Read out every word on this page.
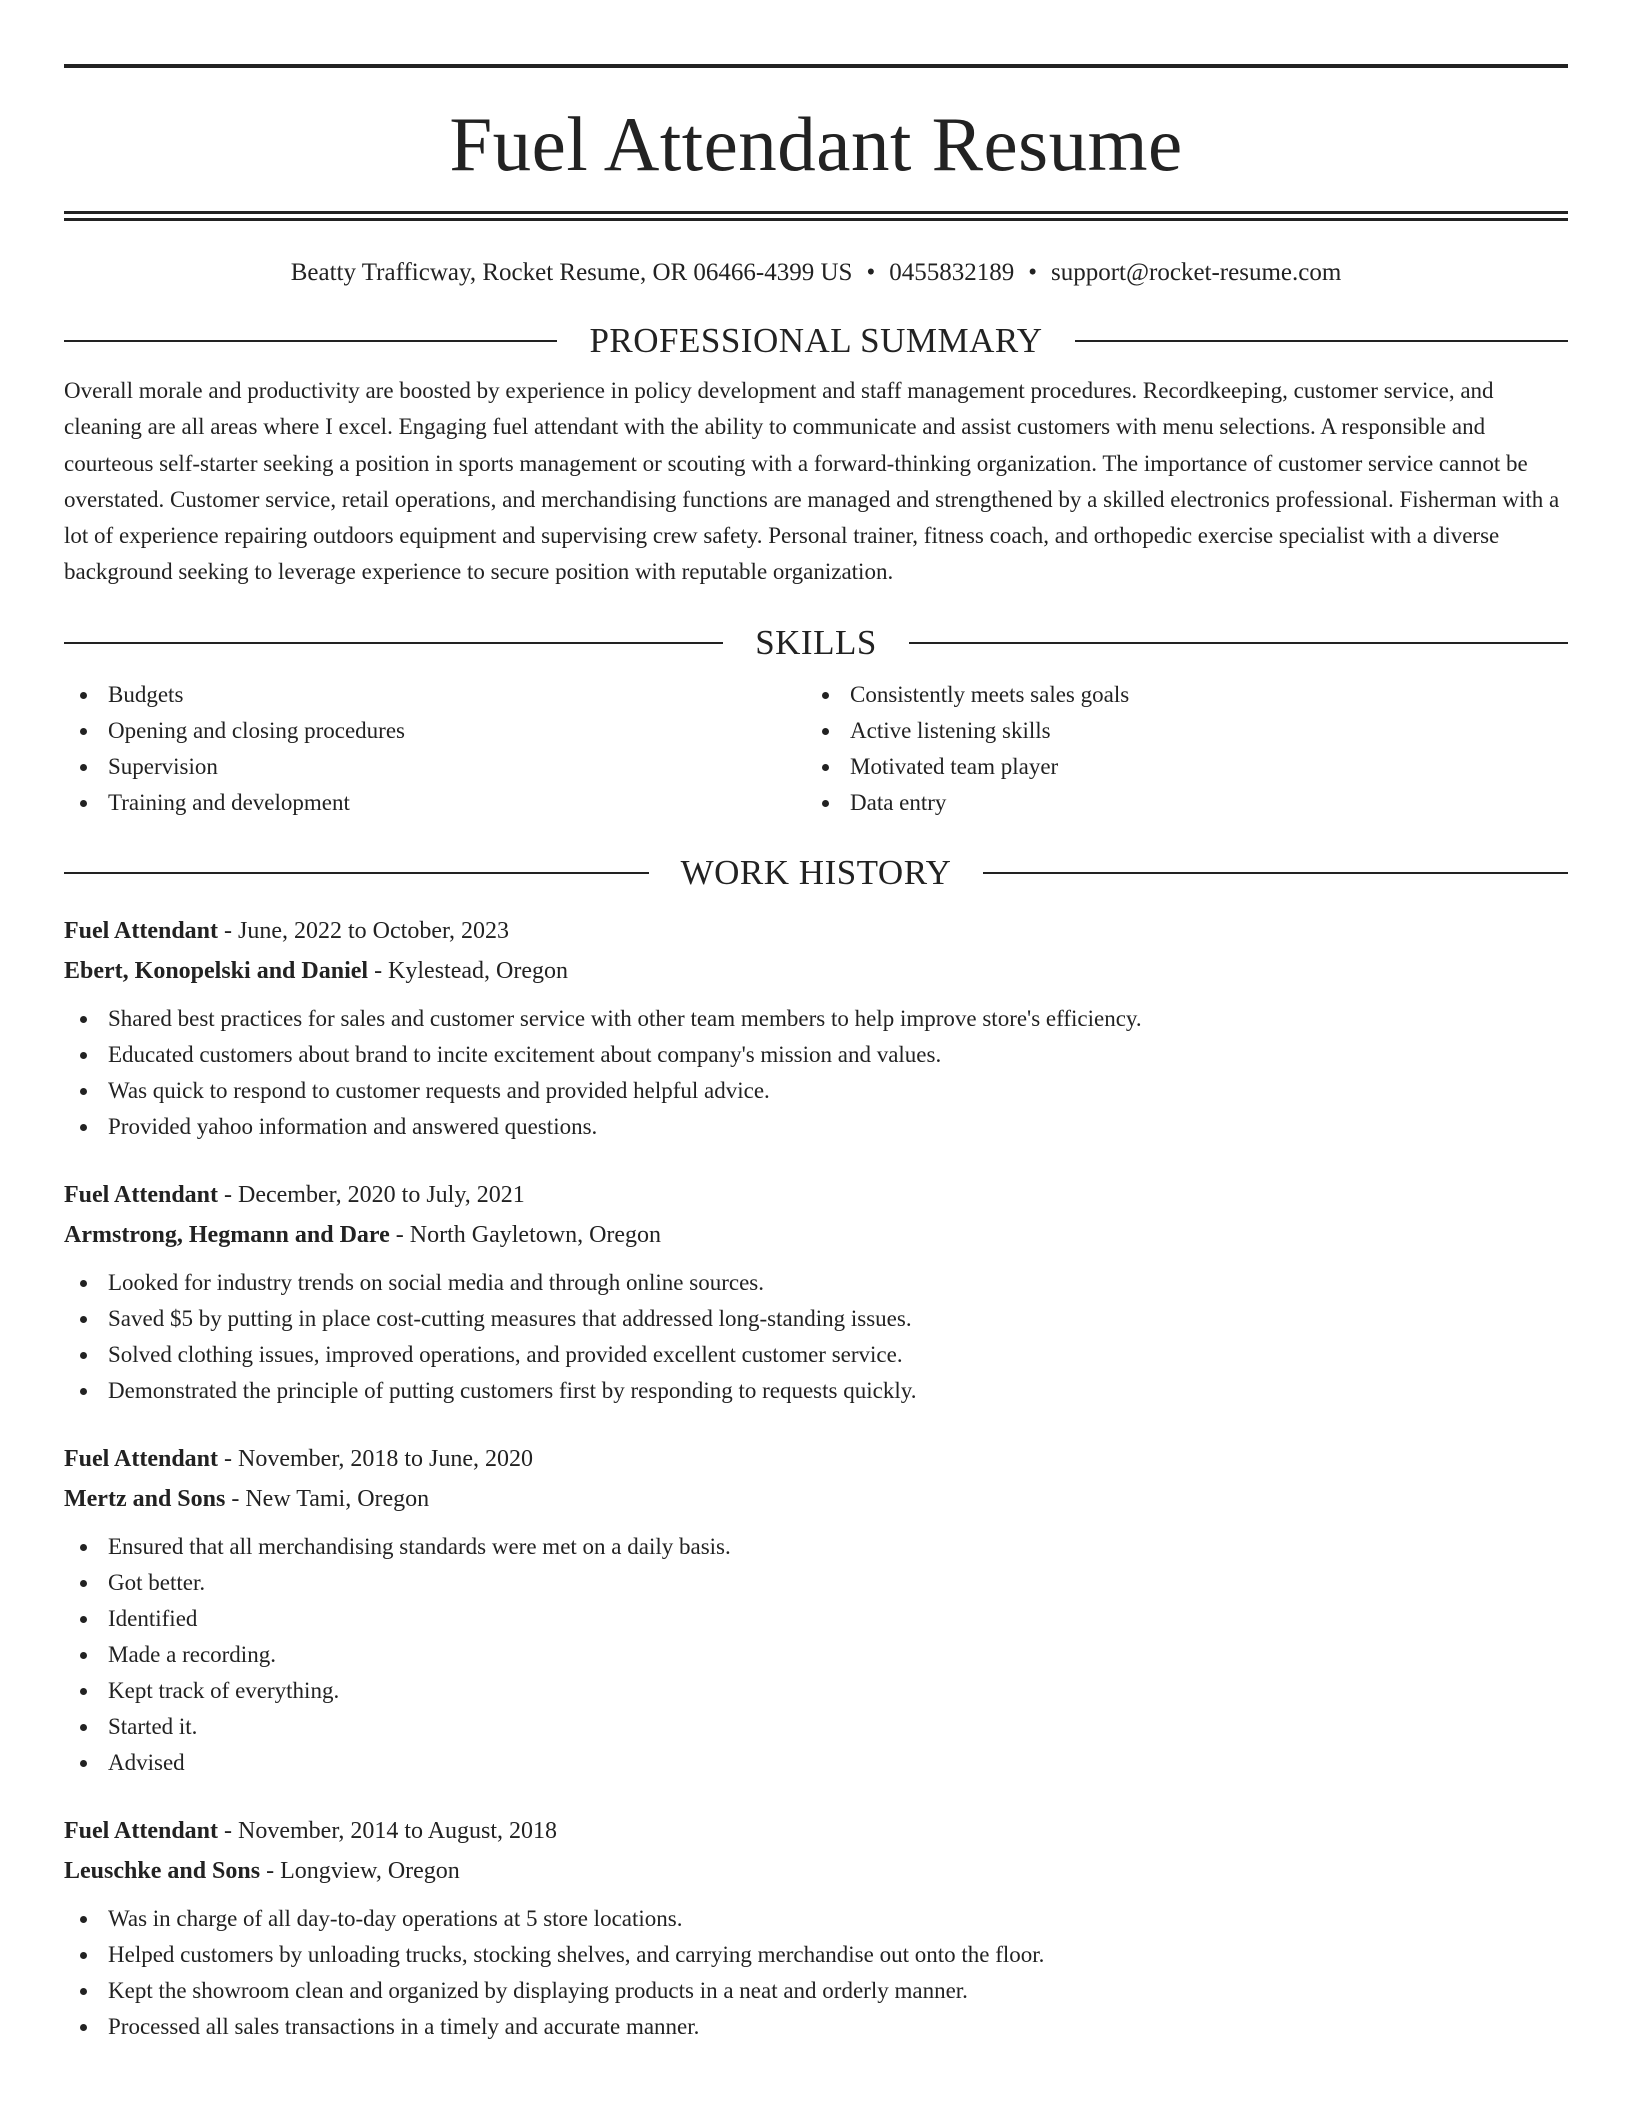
Fuel Attendant Resume
Beatty Trafficway, Rocket Resume, OR 06466-4399 US • 0455832189 • support@rocket-resume.com
PROFESSIONAL SUMMARY

Overall morale and productivity are boosted by experience in policy development and staff management procedures. Recordkeeping, customer service, and cleaning are all areas where I excel. Engaging fuel attendant with the ability to communicate and assist customers with menu selections. A responsible and courteous self-starter seeking a position in sports management or scouting with a forward-thinking organization. The importance of customer service cannot be overstated. Customer service, retail operations, and merchandising functions are managed and strengthened by a skilled electronics professional. Fisherman with a lot of experience repairing outdoors equipment and supervising crew safety. Personal trainer, fitness coach, and orthopedic exercise specialist with a diverse background seeking to leverage experience to secure position with reputable organization.

SKILLS
Budgets
Opening and closing procedures
Supervision
Training and development
Consistently meets sales goals
Active listening skills
Motivated team player
Data entry
WORK HISTORY
Fuel Attendant - June, 2022 to October, 2023
Ebert, Konopelski and Daniel - Kylestead, Oregon
Shared best practices for sales and customer service with other team members to help improve store's efficiency.
Educated customers about brand to incite excitement about company's mission and values.
Was quick to respond to customer requests and provided helpful advice.
Provided yahoo information and answered questions.
Fuel Attendant - December, 2020 to July, 2021
Armstrong, Hegmann and Dare - North Gayletown, Oregon
Looked for industry trends on social media and through online sources.
Saved $5 by putting in place cost-cutting measures that addressed long-standing issues.
Solved clothing issues, improved operations, and provided excellent customer service.
Demonstrated the principle of putting customers first by responding to requests quickly.
Fuel Attendant - November, 2018 to June, 2020
Mertz and Sons - New Tami, Oregon
Ensured that all merchandising standards were met on a daily basis.
Got better.
Identified
Made a recording.
Kept track of everything.
Started it.
Advised
Fuel Attendant - November, 2014 to August, 2018
Leuschke and Sons - Longview, Oregon
Was in charge of all day-to-day operations at 5 store locations.
Helped customers by unloading trucks, stocking shelves, and carrying merchandise out onto the floor.
Kept the showroom clean and organized by displaying products in a neat and orderly manner.
Processed all sales transactions in a timely and accurate manner.
